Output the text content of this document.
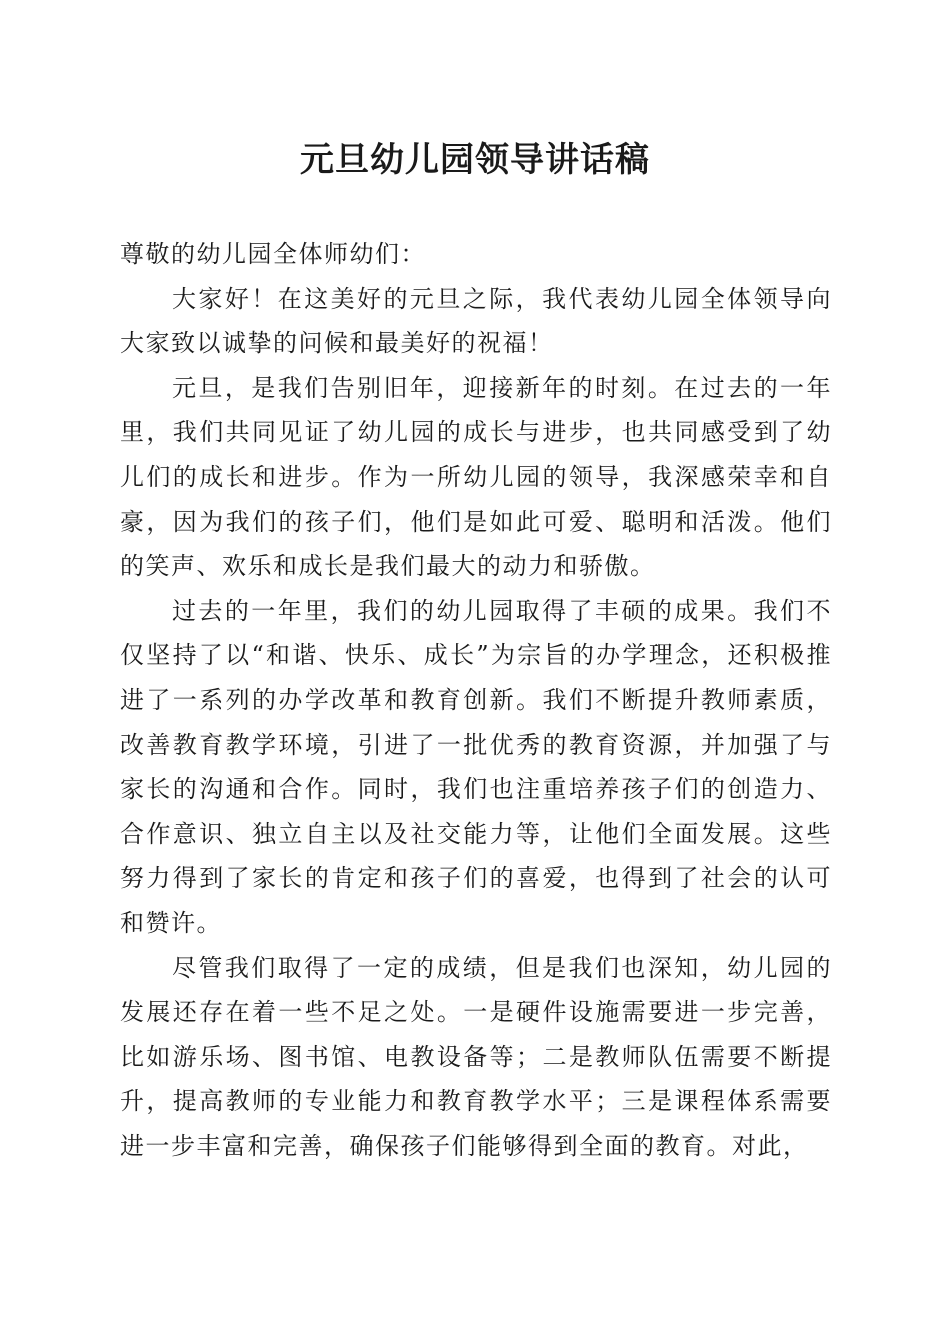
元旦幼儿园领导讲话稿

尊敬的幼儿园全体师幼们：

大家好！在这美好的元旦之际，我代表幼儿园全体领导向大家致以诚挚的问候和最美好的祝福！

元旦，是我们告别旧年，迎接新年的时刻。在过去的一年里，我们共同见证了幼儿园的成长与进步，也共同感受到了幼儿们的成长和进步。作为一所幼儿园的领导，我深感荣幸和自豪，因为我们的孩子们，他们是如此可爱、聪明和活泼。他们的笑声、欢乐和成长是我们最大的动力和骄傲。

过去的一年里，我们的幼儿园取得了丰硕的成果。我们不仅坚持了以“和谐、快乐、成长”为宗旨的办学理念，还积极推进了一系列的办学改革和教育创新。我们不断提升教师素质，改善教育教学环境，引进了一批优秀的教育资源，并加强了与家长的沟通和合作。同时，我们也注重培养孩子们的创造力、合作意识、独立自主以及社交能力等，让他们全面发展。这些努力得到了家长的肯定和孩子们的喜爱，也得到了社会的认可和赞许。

尽管我们取得了一定的成绩，但是我们也深知，幼儿园的发展还存在着一些不足之处。一是硬件设施需要进一步完善，比如游乐场、图书馆、电教设备等；二是教师队伍需要不断提升，提高教师的专业能力和教育教学水平；三是课程体系需要进一步丰富和完善，确保孩子们能够得到全面的教育。对此，
